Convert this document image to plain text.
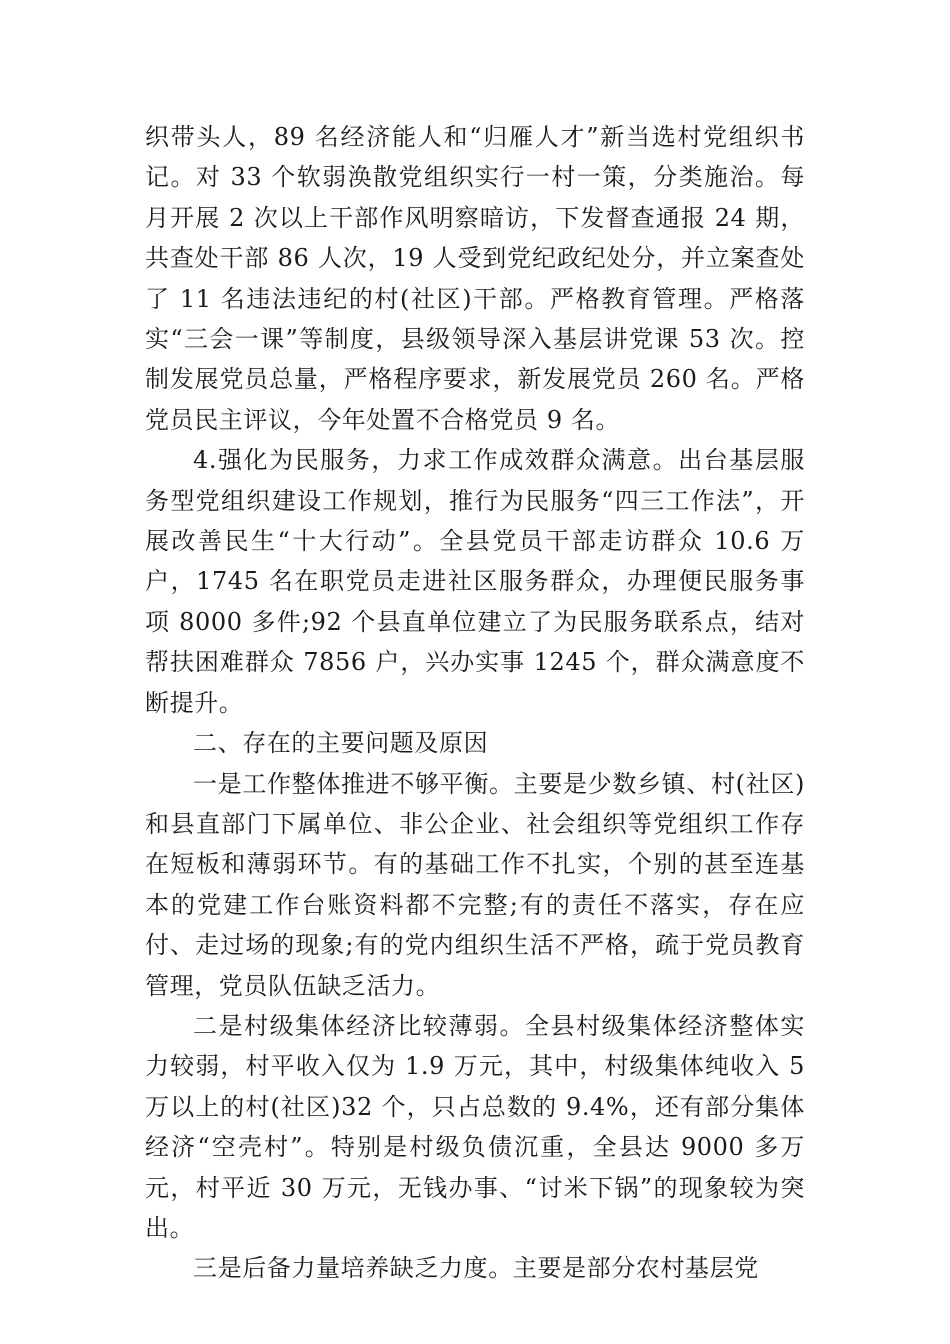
织带头人，89 名经济能人和“归雁人才”新当选村党组织书记。对 33 个软弱涣散党组织实行一村一策，分类施治。每月开展 2 次以上干部作风明察暗访，下发督查通报 24 期，共查处干部 86 人次，19 人受到党纪政纪处分，并立案查处了 11 名违法违纪的村(社区)干部。严格教育管理。严格落实“三会一课”等制度，县级领导深入基层讲党课 53 次。控制发展党员总量，严格程序要求，新发展党员 260 名。严格党员民主评议，今年处置不合格党员 9 名。

4.强化为民服务，力求工作成效群众满意。出台基层服务型党组织建设工作规划，推行为民服务“四三工作法”，开展改善民生“十大行动”。全县党员干部走访群众 10.6 万户，1745 名在职党员走进社区服务群众，办理便民服务事项 8000 多件;92 个县直单位建立了为民服务联系点，结对帮扶困难群众 7856 户，兴办实事 1245 个，群众满意度不断提升。

二、存在的主要问题及原因

一是工作整体推进不够平衡。主要是少数乡镇、村(社区)和县直部门下属单位、非公企业、社会组织等党组织工作存在短板和薄弱环节。有的基础工作不扎实，个别的甚至连基本的党建工作台账资料都不完整;有的责任不落实，存在应付、走过场的现象;有的党内组织生活不严格，疏于党员教育管理，党员队伍缺乏活力。

二是村级集体经济比较薄弱。全县村级集体经济整体实力较弱，村平收入仅为 1.9 万元，其中，村级集体纯收入 5 万以上的村(社区)32 个，只占总数的 9.4%，还有部分集体经济“空壳村”。特别是村级负债沉重，全县达 9000 多万元，村平近 30 万元，无钱办事、“讨米下锅”的现象较为突出。

三是后备力量培养缺乏力度。主要是部分农村基层党
